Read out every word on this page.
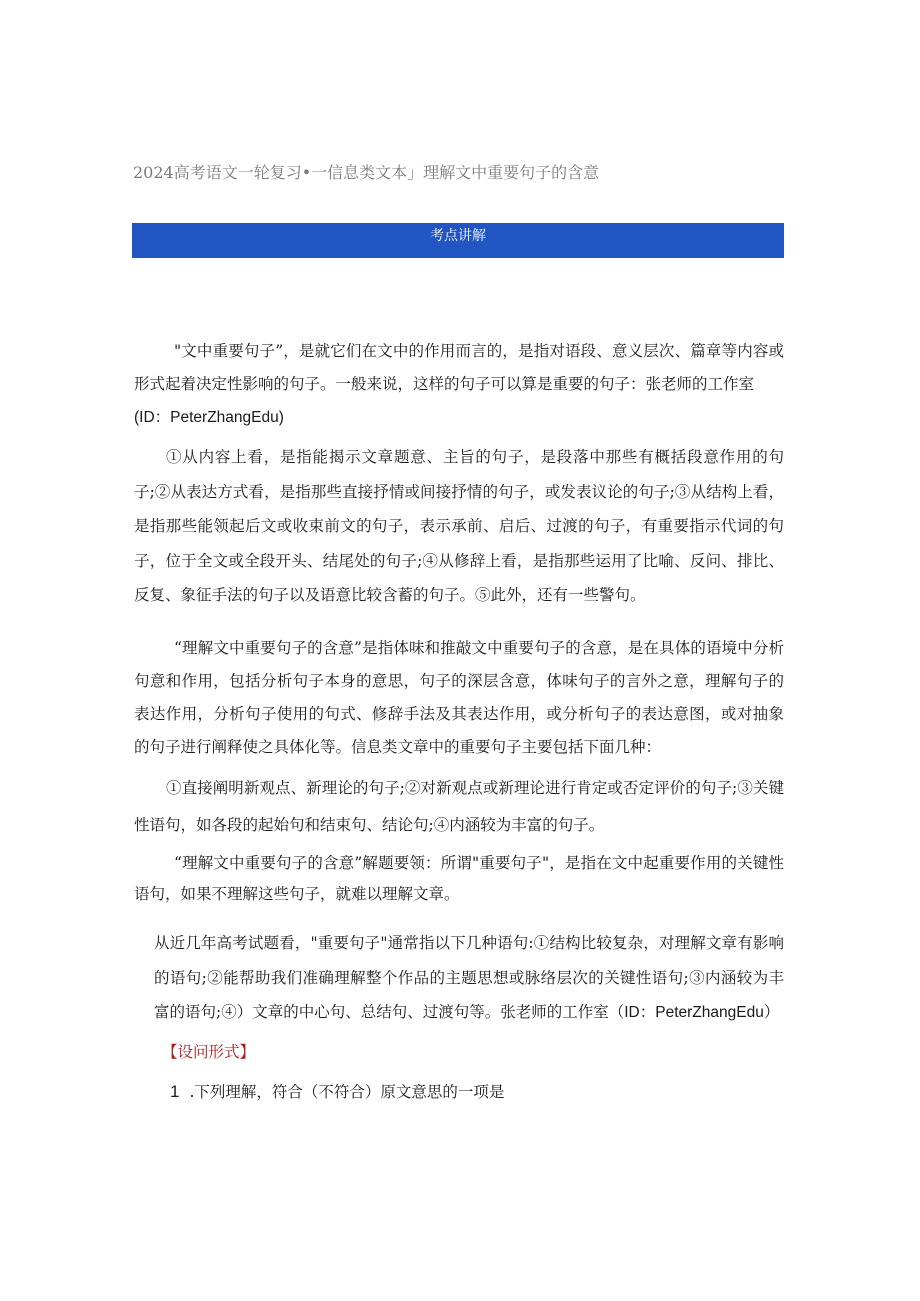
2024高考语文一轮复习•一信息类文本」理解文中重要句子的含意
考点讲解
"文中重要句子”，是就它们在文中的作用而言的，是指对语段、意义层次、篇章等内容或形式起着决定性影响的句子。一般来说，这样的句子可以算是重要的句子：张老师的工作室
(ID：PeterZhangEdu)
①从内容上看，是指能揭示文章题意、主旨的句子，是段落中那些有概括段意作用的句子;②从表达方式看，是指那些直接抒情或间接抒情的句子，或发表议论的句子;③从结构上看，是指那些能领起后文或收束前文的句子，表示承前、启后、过渡的句子，有重要指示代词的句子，位于全文或全段开头、结尾处的句子;④从修辞上看，是指那些运用了比喻、反问、排比、反复、象征手法的句子以及语意比较含蓄的句子。⑤此外，还有一些警句。
“理解文中重要句子的含意”是指体味和推敲文中重要句子的含意，是在具体的语境中分析句意和作用，包括分析句子本身的意思，句子的深层含意，体味句子的言外之意，理解句子的表达作用，分析句子使用的句式、修辞手法及其表达作用，或分析句子的表达意图，或对抽象的句子进行阐释使之具体化等。信息类文章中的重要句子主要包括下面几种：
①直接阐明新观点、新理论的句子;②对新观点或新理论进行肯定或否定评价的句子;③关键性语句，如各段的起始句和结束句、结论句;④内涵较为丰富的句子。
“理解文中重要句子的含意”解题要领：所谓"重要句子"，是指在文中起重要作用的关键性语句，如果不理解这些句子，就难以理解文章。
从近几年高考试题看，"重要句子"通常指以下几种语句:①结构比较复杂，对理解文章有影响的语句;②能帮助我们准确理解整个作品的主题思想或脉络层次的关键性语句;③内涵较为丰富的语句;④）文章的中心句、总结句、过渡句等。张老师的工作室（ID：PeterZhangEdu）
【设问形式】
1 .下列理解，符合（不符合）原文意思的一项是
